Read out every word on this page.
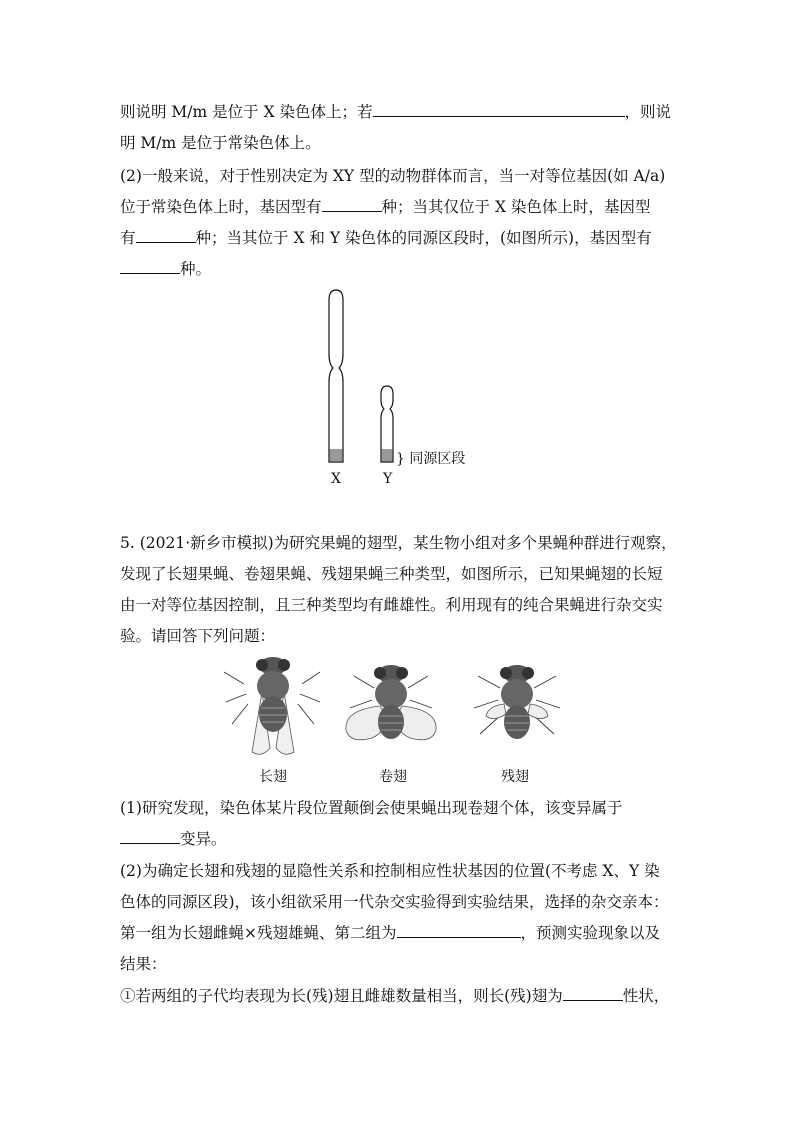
则说明 M/m 是位于 X 染色体上；若	，则说
明 M/m 是位于常染色体上。
(2)一般来说，对于性别决定为 XY 型的动物群体而言，当一对等位基因(如 A/a)
位于常染色体上时，基因型有	种；当其仅位于 X 染色体上时，基因型
有	种；当其位于 X 和 Y 染色体的同源区段时，(如图所示)，基因型有
种。
X	Y
} 同源区段
5. (2021·新乡市模拟)为研究果蝇的翅型，某生物小组对多个果蝇种群进行观察，
发现了长翅果蝇、卷翅果蝇、残翅果蝇三种类型，如图所示，已知果蝇翅的长短
由一对等位基因控制，且三种类型均有雌雄性。利用现有的纯合果蝇进行杂交实
验。请回答下列问题：
长翅	卷翅	残翅
(1)研究发现，染色体某片段位置颠倒会使果蝇出现卷翅个体，该变异属于
变异。
(2)为确定长翅和残翅的显隐性关系和控制相应性状基因的位置(不考虑 X、Y 染
色体的同源区段)，该小组欲采用一代杂交实验得到实验结果，选择的杂交亲本：
第一组为长翅雌蝇×残翅雄蝇、第二组为	，预测实验现象以及
结果：
①若两组的子代均表现为长(残)翅且雌雄数量相当，则长(残)翅为	性状，
